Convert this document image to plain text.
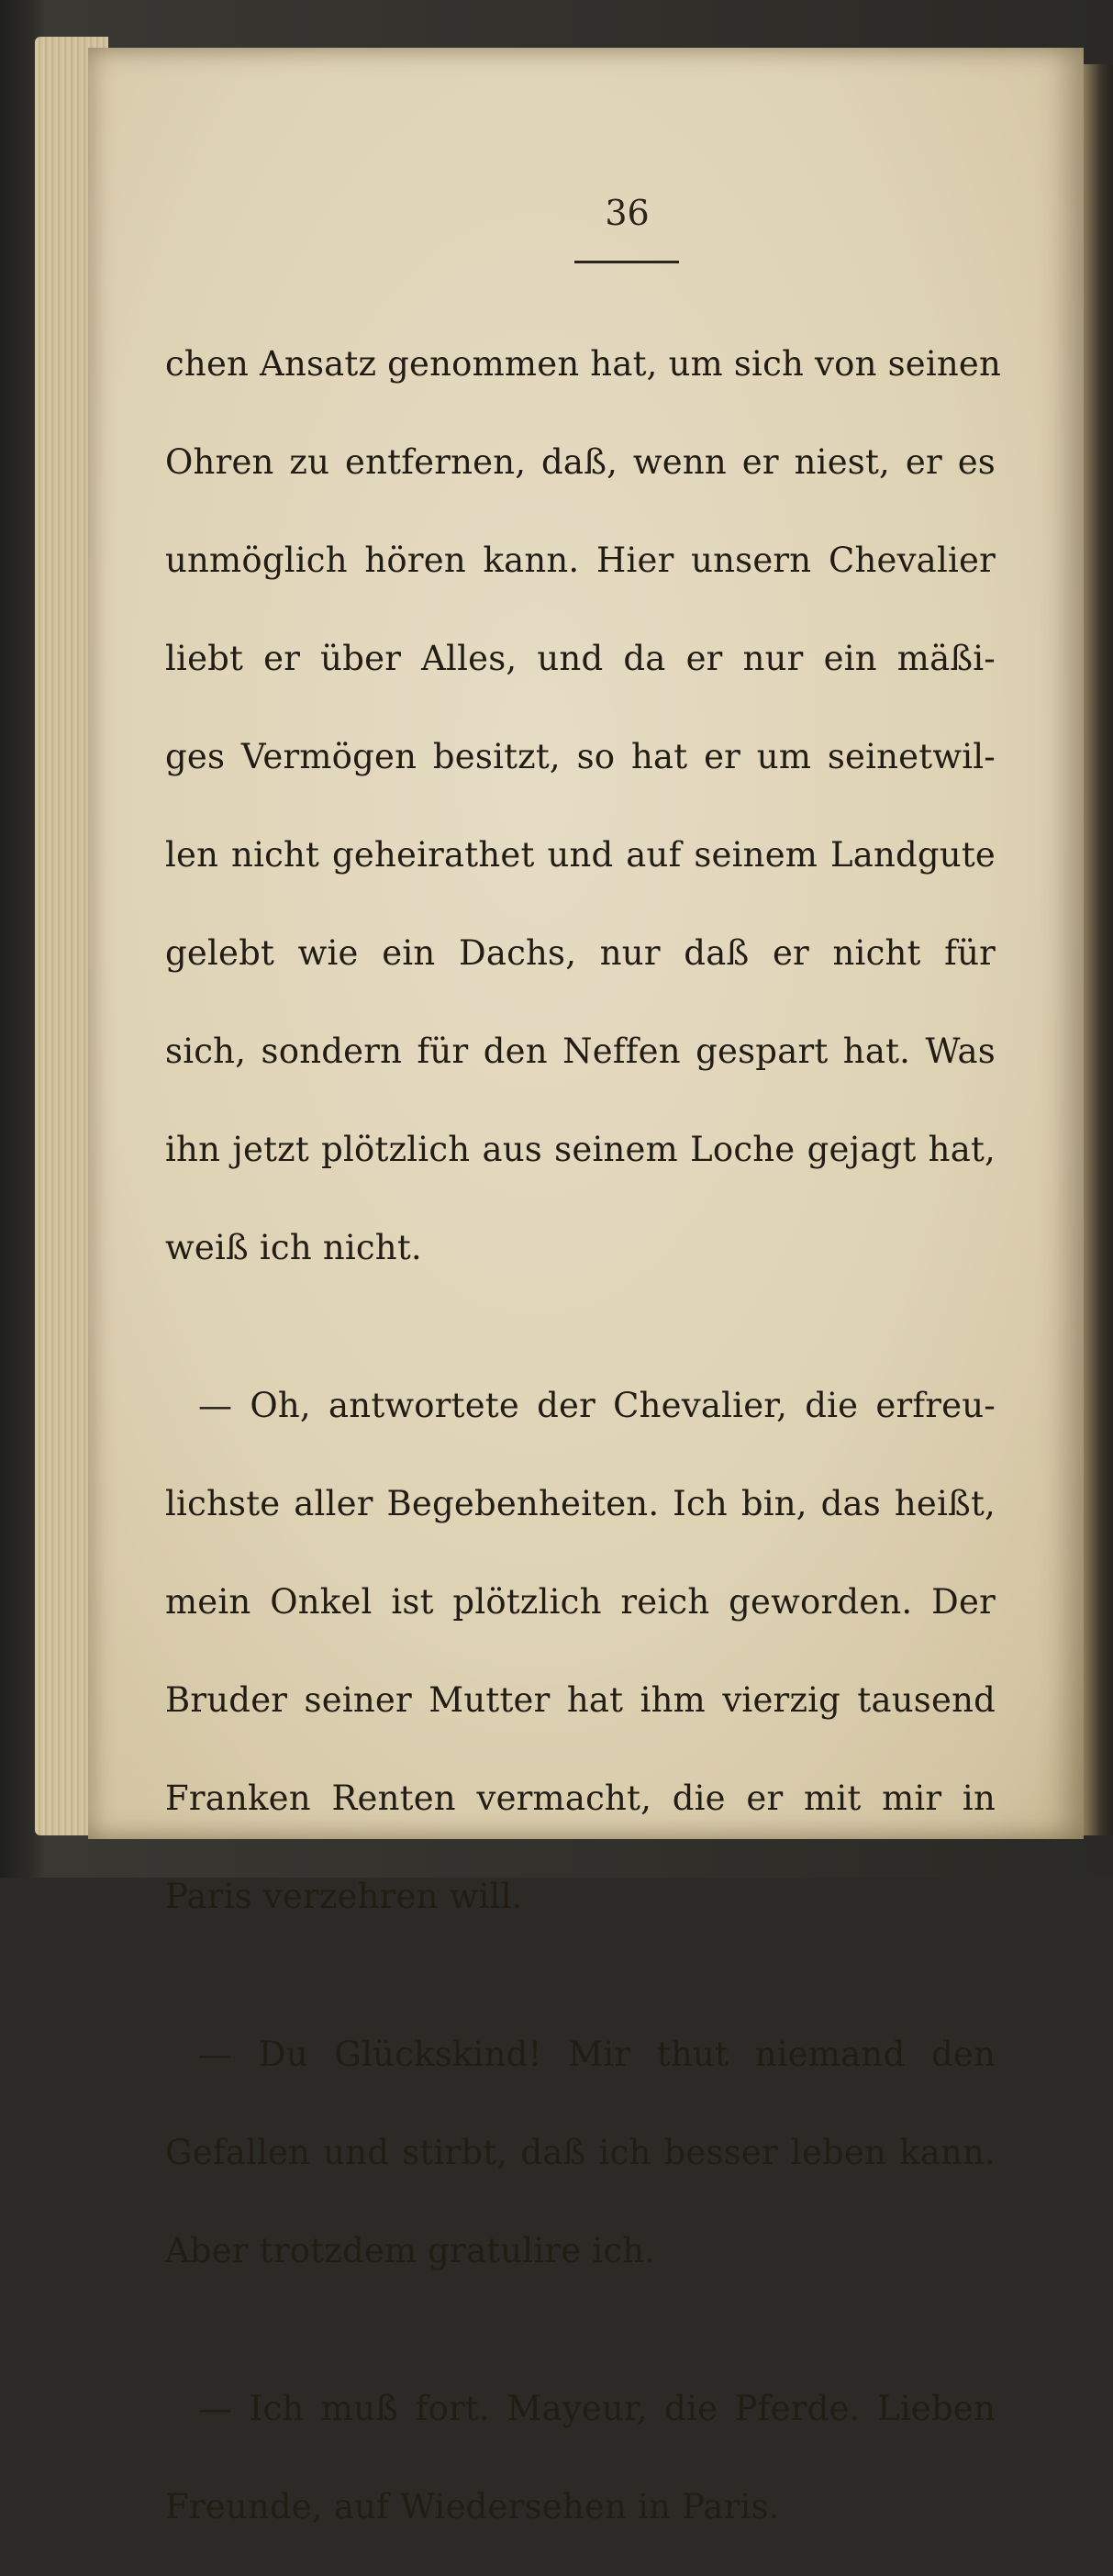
36

chen Ansatz genommen hat, um sich von seinen

Ohren zu entfernen, daß, wenn er niest, er es

unmöglich hören kann. Hier unsern Chevalier

liebt er über Alles, und da er nur ein mäßi-

ges Vermögen besitzt, so hat er um seinetwil-

len nicht geheirathet und auf seinem Landgute

gelebt wie ein Dachs, nur daß er nicht für

sich, sondern für den Neffen gespart hat. Was

ihn jetzt plötzlich aus seinem Loche gejagt hat,

weiß ich nicht.

— Oh, antwortete der Chevalier, die erfreu-

lichste aller Begebenheiten. Ich bin, das heißt,

mein Onkel ist plötzlich reich geworden. Der

Bruder seiner Mutter hat ihm vierzig tausend

Franken Renten vermacht, die er mit mir in

Paris verzehren will.

— Du Glückskind! Mir thut niemand den

Gefallen und stirbt, daß ich besser leben kann.

Aber trotzdem gratulire ich.

— Ich muß fort. Mayeur, die Pferde. Lieben

Freunde, auf Wiedersehen in Paris.
